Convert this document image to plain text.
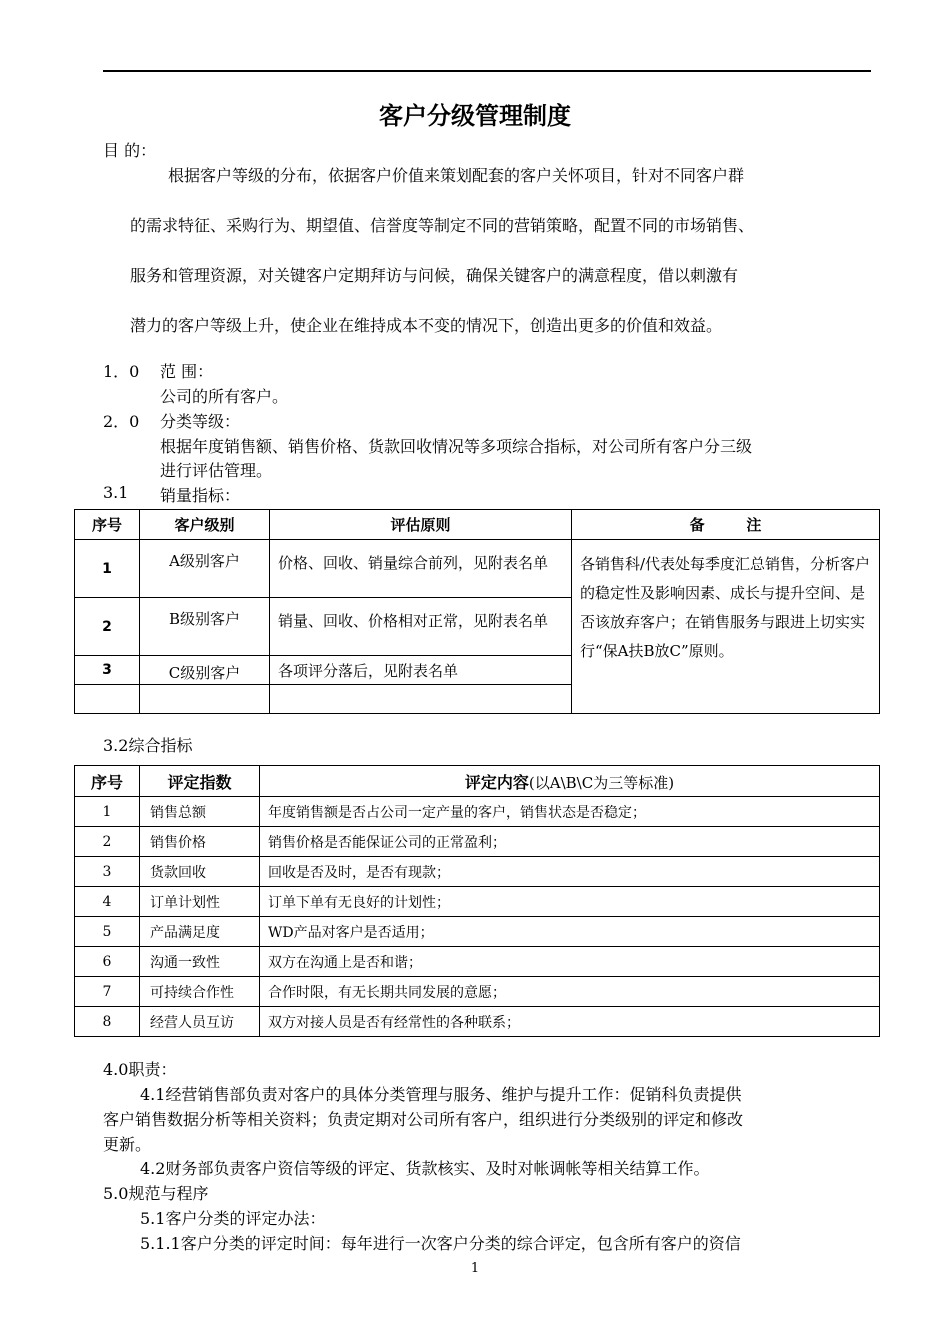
客户分级管理制度
目 的：
根据客户等级的分布，依据客户价值来策划配套的客户关怀项目，针对不同客户群
的需求特征、采购行为、期望值、信誉度等制定不同的营销策略，配置不同的市场销售、
服务和管理资源，对关键客户定期拜访与问候，确保关键客户的满意程度，借以刺激有
潜力的客户等级上升，使企业在维持成本不变的情况下，创造出更多的价值和效益。
1．0 范 围：
公司的所有客户。
2．0 分类等级：
根据年度销售额、销售价格、货款回收情况等多项综合指标，对公司所有客户分三级
进行评估管理。
3.1 销量指标：
序号	客户级别	评估原则	备        注
1	A级别客户	价格、回收、销量综合前列，见附表名单	各销售科/代表处每季度汇总销售，分析客户的稳定性及影响因素、成长与提升空间、是否该放弃客户；在销售服务与跟进上切实实行“保A扶B放C”原则。
2	B级别客户	销量、回收、价格相对正常，见附表名单	
3	C级别客户	各项评分落后，见附表名单	

3.2综合指标
序号	评定指数	评定内容(以A\B\C为三等标准)
1	销售总额	年度销售额是否占公司一定产量的客户，销售状态是否稳定；
2	销售价格	销售价格是否能保证公司的正常盈利；
3	货款回收	回收是否及时，是否有现款；
4	订单计划性	订单下单有无良好的计划性；
5	产品满足度	WD产品对客户是否适用；
6	沟通一致性	双方在沟通上是否和谐；
7	可持续合作性	合作时限，有无长期共同发展的意愿；
8	经营人员互访	双方对接人员是否有经常性的各种联系；
4.0职责：
4.1经营销售部负责对客户的具体分类管理与服务、维护与提升工作：促销科负责提供
客户销售数据分析等相关资料；负责定期对公司所有客户，组织进行分类级别的评定和修改
更新。
4.2财务部负责客户资信等级的评定、货款核实、及时对帐调帐等相关结算工作。
5.0规范与程序
5.1客户分类的评定办法：
5.1.1客户分类的评定时间：每年进行一次客户分类的综合评定，包含所有客户的资信
1
